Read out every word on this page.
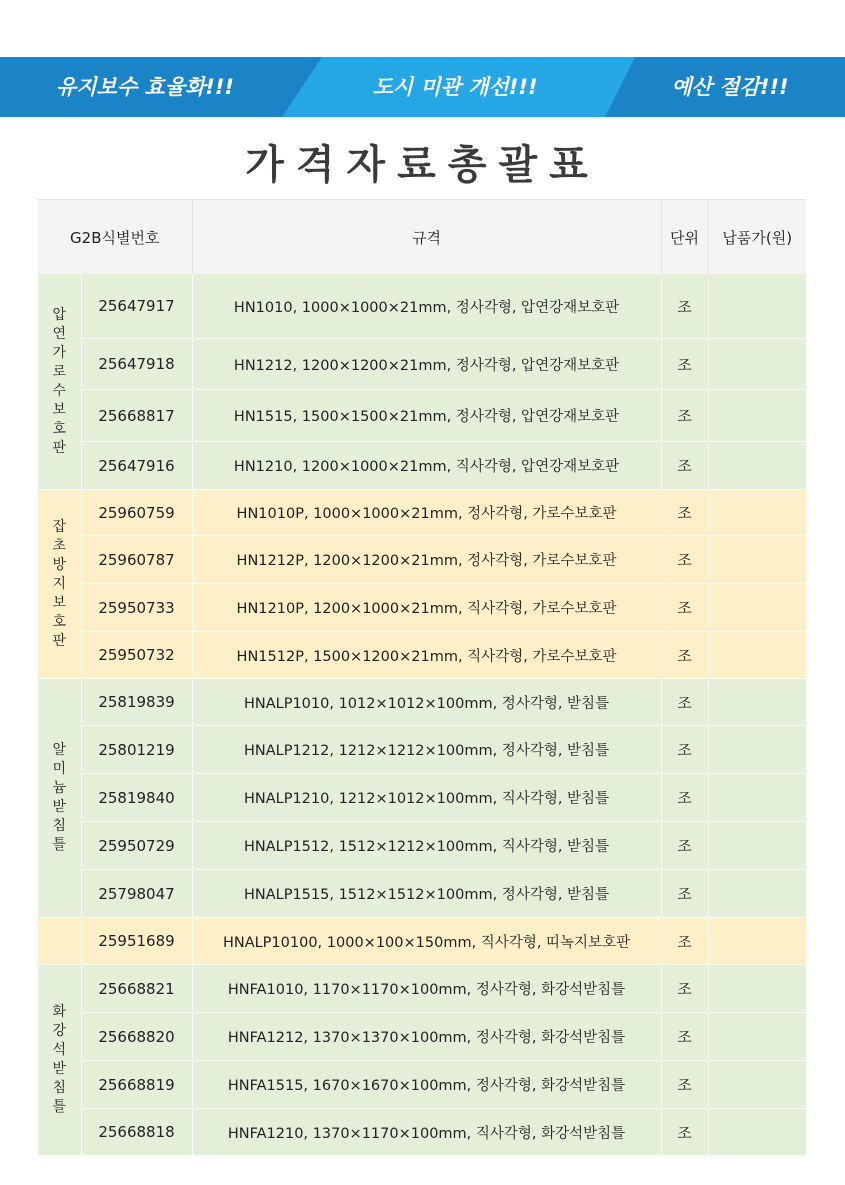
유지보수 효율화!!!	도시 미관 개선!!!	예산 절감!!!
가격자료총괄표
G2B식별번호		규격	단위	납품가(원)
압연가로수보호판	25647917	HN1010, 1000×1000×21mm, 정사각형, 압연강재보호판	조	
	25647918	HN1212, 1200×1200×21mm, 정사각형, 압연강재보호판	조	
	25668817	HN1515, 1500×1500×21mm, 정사각형, 압연강재보호판	조	
	25647916	HN1210, 1200×1000×21mm, 직사각형, 압연강재보호판	조	
잡초방지보호판	25960759	HN1010P, 1000×1000×21mm, 정사각형, 가로수보호판	조	
	25960787	HN1212P, 1200×1200×21mm, 정사각형, 가로수보호판	조	
	25950733	HN1210P, 1200×1000×21mm, 직사각형, 가로수보호판	조	
	25950732	HN1512P, 1500×1200×21mm, 직사각형, 가로수보호판	조	
알미늄받침틀	25819839	HNALP1010, 1012×1012×100mm, 정사각형, 받침틀	조	
	25801219	HNALP1212, 1212×1212×100mm, 정사각형, 받침틀	조	
	25819840	HNALP1210, 1212×1012×100mm, 직사각형, 받침틀	조	
	25950729	HNALP1512, 1512×1212×100mm, 직사각형, 받침틀	조	
	25798047	HNALP1515, 1512×1512×100mm, 정사각형, 받침틀	조	
	25951689	HNALP10100, 1000×100×150mm, 직사각형, 띠녹지보호판	조	
화강석받침틀	25668821	HNFA1010, 1170×1170×100mm, 정사각형, 화강석받침틀	조	
	25668820	HNFA1212, 1370×1370×100mm, 정사각형, 화강석받침틀	조	
	25668819	HNFA1515, 1670×1670×100mm, 정사각형, 화강석받침틀	조	
	25668818	HNFA1210, 1370×1170×100mm, 직사각형, 화강석받침틀	조	
